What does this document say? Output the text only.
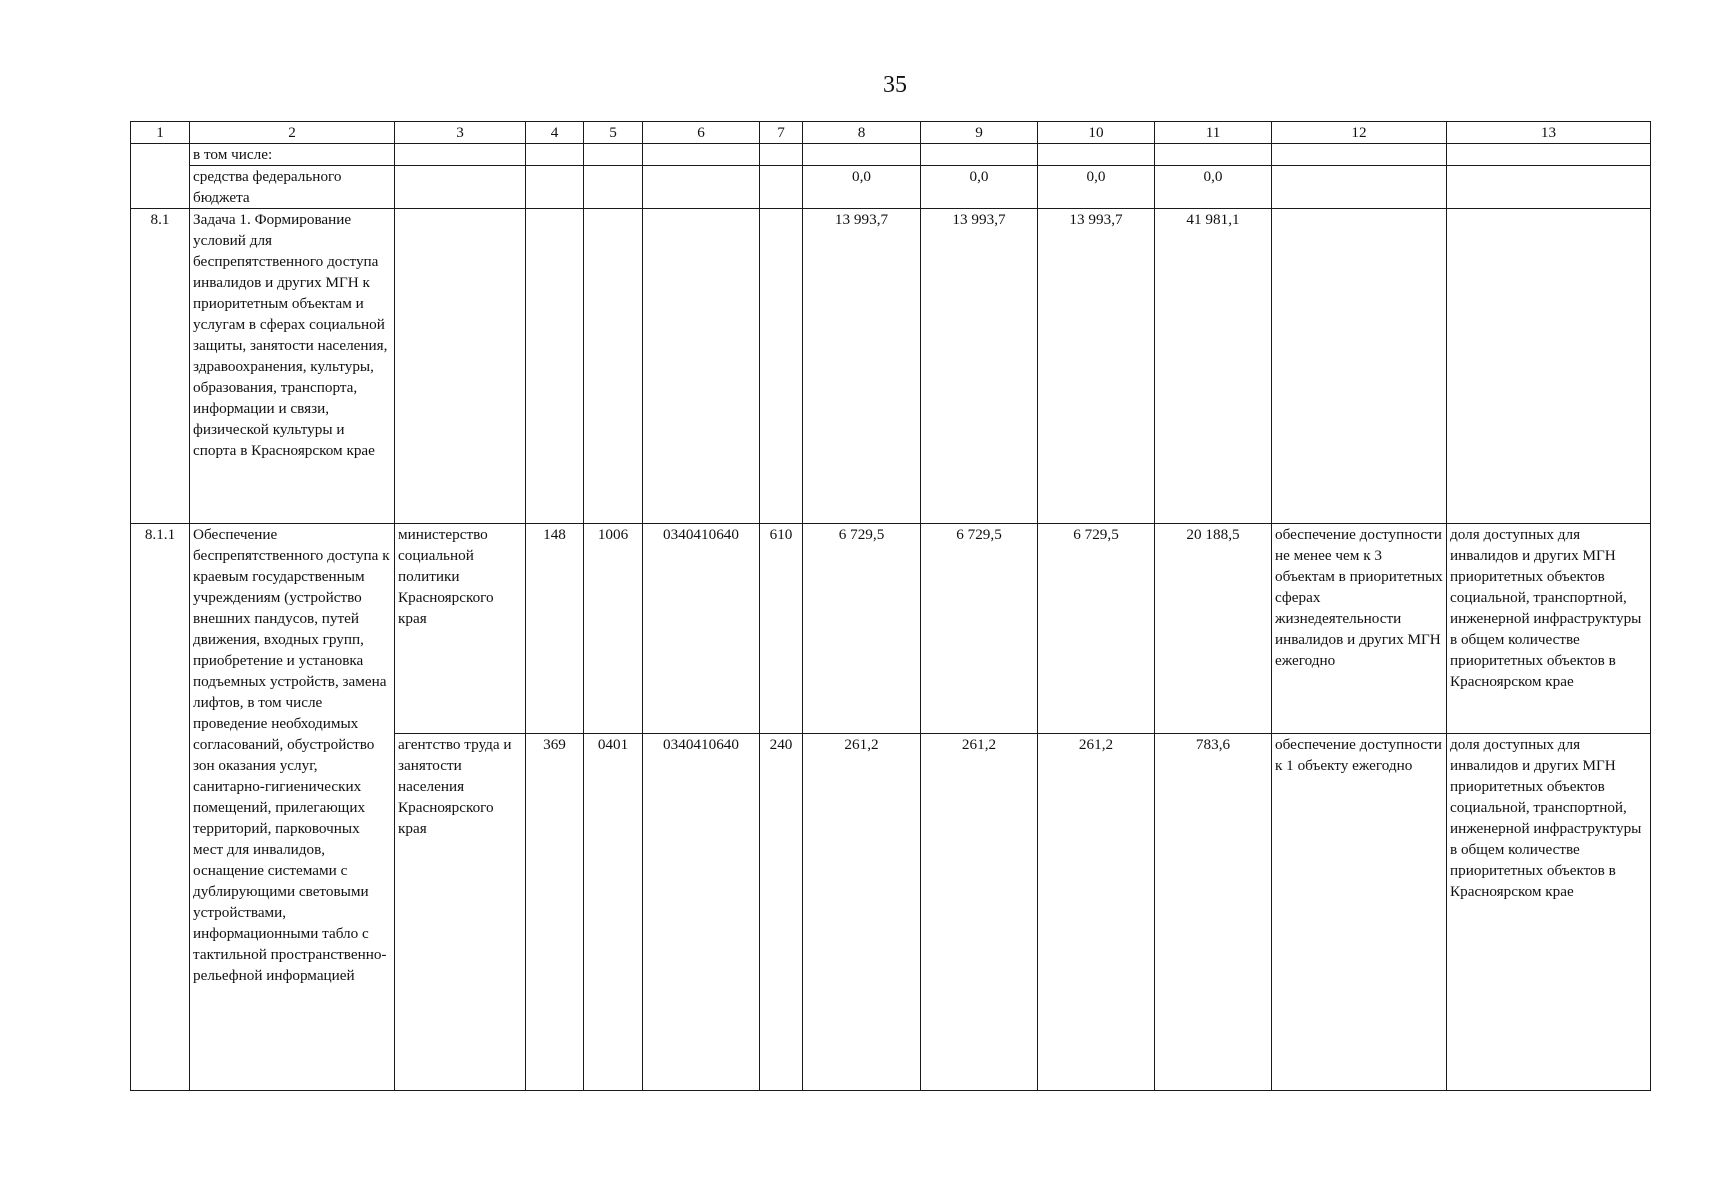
35
1	2	3	4	5	6	7	8	9	10	11	12	13
	в том числе:											
	средства федерального бюджета						0,0	0,0	0,0	0,0		
8.1	Задача 1. Формирование условий для беспрепятственного доступа инвалидов и других МГН к приоритетным объектам и услугам в сферах социальной защиты, занятости населения, здравоохранения, культуры, образования, транспорта, информации и связи, физической культуры и спорта в Красноярском крае						13 993,7	13 993,7	13 993,7	41 981,1		
8.1.1	Обеспечение беспрепятственного доступа к краевым государственным учреждениям (устройство внешних пандусов, путей движения, входных групп, приобретение и установка подъемных устройств, замена лифтов, в том числе проведение необходимых согласований, обустройство зон оказания услуг, санитарно-гигиенических помещений, прилегающих территорий, парковочных мест для инвалидов, оснащение системами с дублирующими световыми устройствами, информационными табло с тактильной пространственно-рельефной информацией	министерство социальной политики Красноярского края	148	1006	0340410640	610	6 729,5	6 729,5	6 729,5	20 188,5	обеспечение доступности не менее чем к 3 объектам в приоритетных сферах жизнедеятельности инвалидов и других МГН ежегодно	доля доступных для инвалидов и других МГН приоритетных объектов социальной, транспортной, инженерной инфраструктуры в общем количестве приоритетных объектов в Красноярском крае
		агентство труда и занятости населения Красноярского края	369	0401	0340410640	240	261,2	261,2	261,2	783,6	обеспечение доступности к 1 объекту ежегодно	доля доступных для инвалидов и других МГН приоритетных объектов социальной, транспортной, инженерной инфраструктуры в общем количестве приоритетных объектов в Красноярском крае
